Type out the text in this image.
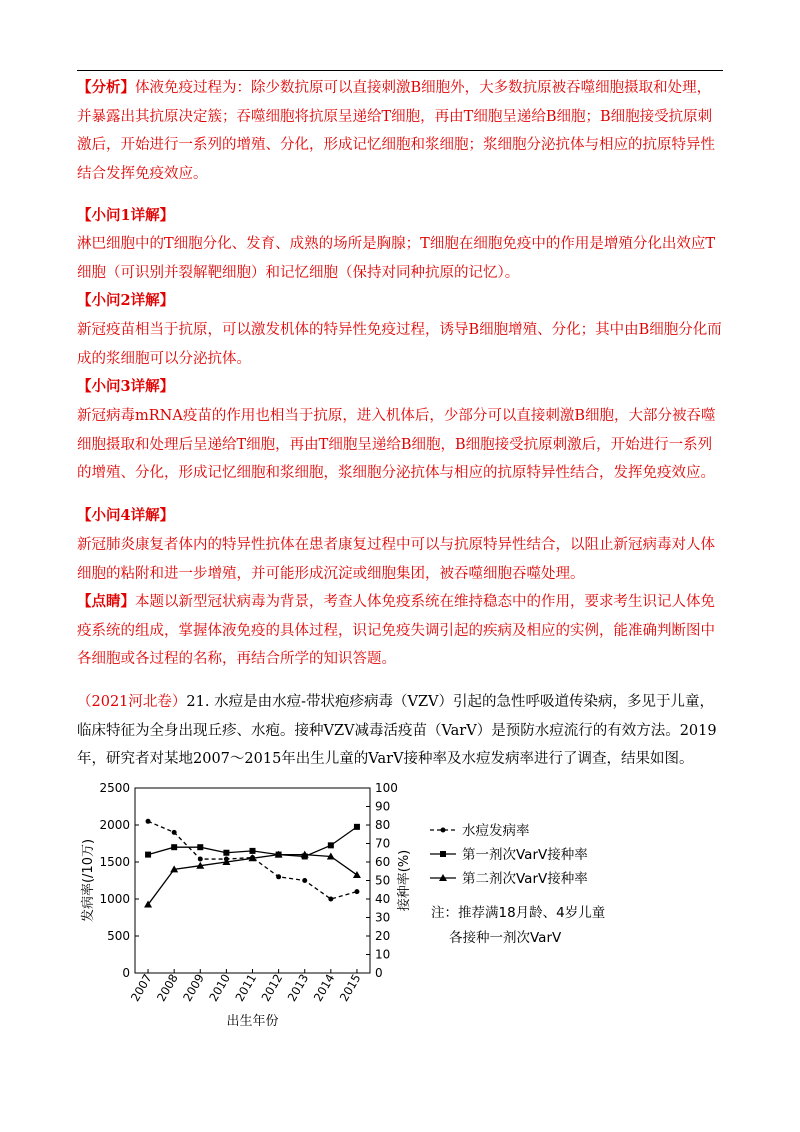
【分析】体液免疫过程为：除少数抗原可以直接刺激B细胞外，大多数抗原被吞噬细胞摄取和处理，并暴露出其抗原决定簇；吞噬细胞将抗原呈递给T细胞，再由T细胞呈递给B细胞；B细胞接受抗原刺激后，开始进行一系列的增殖、分化，形成记忆细胞和浆细胞；浆细胞分泌抗体与相应的抗原特异性结合发挥免疫效应。

【小问1详解】

淋巴细胞中的T细胞分化、发育、成熟的场所是胸腺；T细胞在细胞免疫中的作用是增殖分化出效应T细胞（可识别并裂解靶细胞）和记忆细胞（保持对同种抗原的记忆）。

【小问2详解】

新冠疫苗相当于抗原，可以激发机体的特异性免疫过程，诱导B细胞增殖、分化；其中由B细胞分化而成的浆细胞可以分泌抗体。

【小问3详解】

新冠病毒mRNA疫苗的作用也相当于抗原，进入机体后，少部分可以直接刺激B细胞，大部分被吞噬细胞摄取和处理后呈递给T细胞，再由T细胞呈递给B细胞，B细胞接受抗原刺激后，开始进行一系列的增殖、分化，形成记忆细胞和浆细胞，浆细胞分泌抗体与相应的抗原特异性结合，发挥免疫效应。

【小问4详解】

新冠肺炎康复者体内的特异性抗体在患者康复过程中可以与抗原特异性结合，以阻止新冠病毒对人体细胞的粘附和进一步增殖，并可能形成沉淀或细胞集团，被吞噬细胞吞噬处理。

【点睛】本题以新型冠状病毒为背景，考查人体免疫系统在维持稳态中的作用，要求考生识记人体免疫系统的组成，掌握体液免疫的具体过程，识记免疫失调引起的疾病及相应的实例，能准确判断图中各细胞或各过程的名称，再结合所学的知识答题。

（2021河北卷）21. 水痘是由水痘-带状疱疹病毒（VZV）引起的急性呼吸道传染病，多见于儿童，临床特征为全身出现丘疹、水疱。接种VZV减毒活疫苗（VarV）是预防水痘流行的有效方法。2019年，研究者对某地2007～2015年出生儿童的VarV接种率及水痘发病率进行了调查，结果如图。

0
500
1000
1500
2000
2500
0
10
20
30
40
50
60
70
80
90
100
2007 2008 2009 2010 2011 2012 2013 2014 2015
出生年份
发病率(/10万)	接种率(%)
水痘发病率
第一剂次VarV接种率
第二剂次VarV接种率
注：推荐满18月龄、4岁儿童
各接种一剂次VarV
